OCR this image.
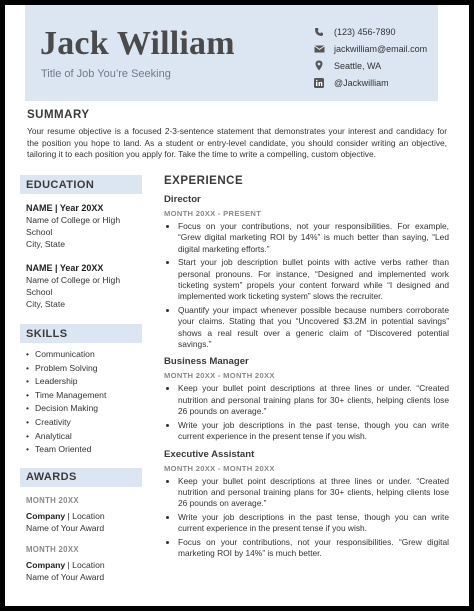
Jack William
Title of Job You’re Seeking
(123) 456-7890
jackwilliam@email.com
Seattle, WA
@Jackwilliam
SUMMARY

Your resume objective is a focused 2-3-sentence statement that demonstrates your interest and candidacy for the position you hope to land. As a student or entry-level candidate, you should consider writing an objective, tailoring it to each position you apply for. Take the time to write a compelling, custom objective.

EDUCATION
NAME | Year 20XX
Name of College or High School
City, State
NAME | Year 20XX
Name of College or High School
City, State
SKILLS
• Communication
• Problem Solving
• Leadership
• Time Management
• Decision Making
• Creativity
• Analytical
• Team Oriented
AWARDS
MONTH 20XX
Company | Location
Name of Your Award
MONTH 20XX
Company | Location
Name of Your Award
EXPERIENCE
Director
MONTH 20XX - PRESENT
• Focus on your contributions, not your responsibilities. For example, “Grew digital marketing ROI by 14%” is much better than saying, “Led digital marketing efforts.”
• Start your job description bullet points with active verbs rather than personal pronouns. For instance, “Designed and implemented work ticketing system” propels your content forward while “I designed and implemented work ticketing system” slows the recruiter.
• Quantify your impact whenever possible because numbers corroborate your claims. Stating that you “Uncovered $3.2M in potential savings” shows a real result over a generic claim of “Discovered potential savings.”
Business Manager
MONTH 20XX - MONTH 20XX
• Keep your bullet point descriptions at three lines or under. “Created nutrition and personal training plans for 30+ clients, helping clients lose 26 pounds on average.”
• Write your job descriptions in the past tense, though you can write current experience in the present tense if you wish.
Executive Assistant
MONTH 20XX - MONTH 20XX
• Keep your bullet point descriptions at three lines or under. “Created nutrition and personal training plans for 30+ clients, helping clients lose 26 pounds on average.”
• Write your job descriptions in the past tense, though you can write current experience in the present tense if you wish.
• Focus on your contributions, not your responsibilities. “Grew digital marketing ROI by 14%” is much better.
